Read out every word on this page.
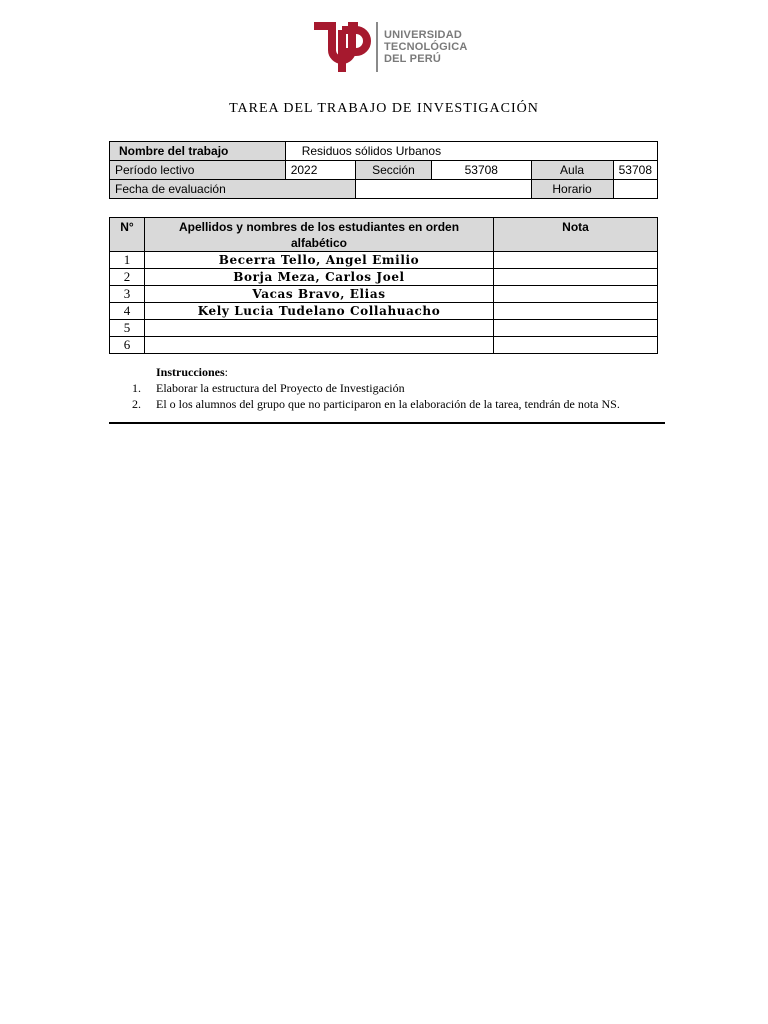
UNIVERSIDAD
TECNOLÓGICA
DEL PERÚ
TAREA DEL TRABAJO DE INVESTIGACIÓN
Nombre del trabajo	Residuos sólidos Urbanos				
Período lectivo	2022	Sección	53708	Aula	53708
Fecha de evaluación				Horario	
N°	Apellidos y nombres de los estudiantes en orden alfabético	Nota
1	Becerra Tello, Angel Emilio	
2	Borja Meza, Carlos Joel	
3	Vacas Bravo, Elias	
4	Kely Lucia Tudelano Collahuacho	
5		
6		
Instrucciones:
1.	Elaborar la estructura del Proyecto de Investigación
2.	El o los alumnos del grupo que no participaron en la elaboración de la tarea, tendrán de nota NS.
